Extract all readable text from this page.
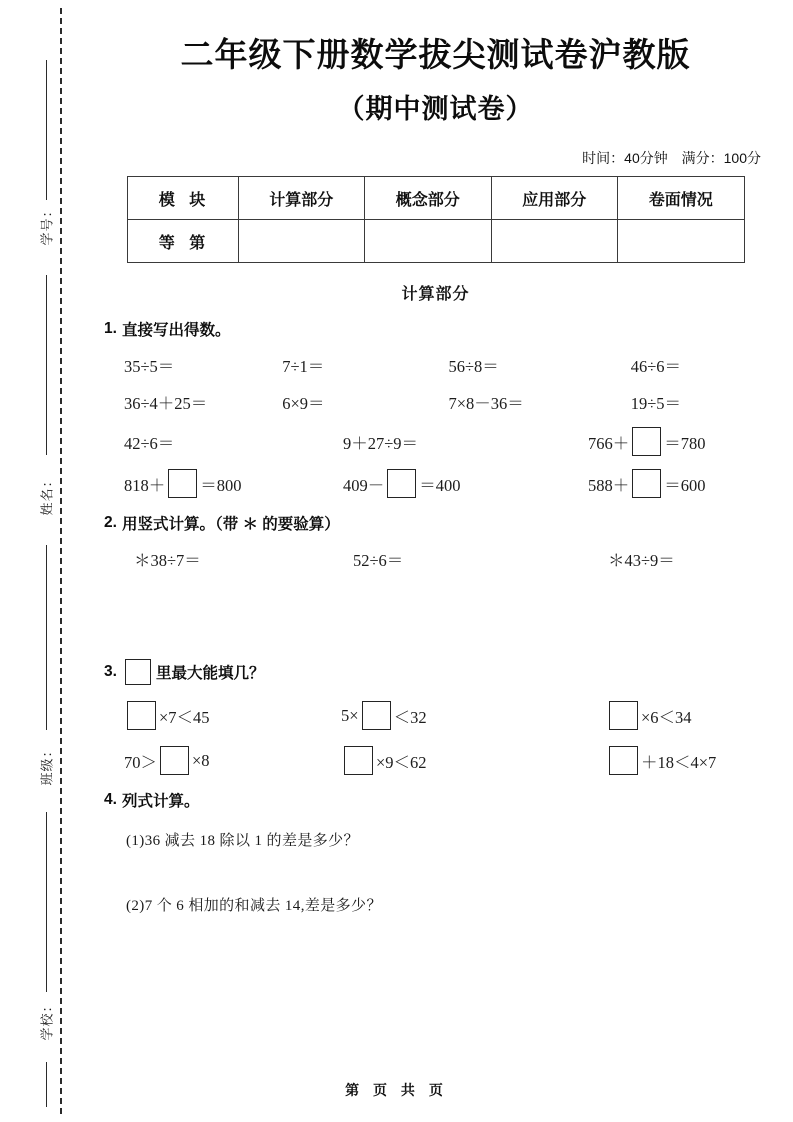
学号：
姓名：
班级：
学校：
二年级下册数学拔尖测试卷沪教版
（期中测试卷）
时间：40分钟 满分：100分
模 块	计算部分	概念部分	应用部分	卷面情况
等 第				
计算部分
1. 直接写出得数。
35÷5＝	7÷1＝	56÷8＝	46÷6＝
36÷4＋25＝	6×9＝	7×8－36＝	19÷5＝
42÷6＝	9＋27÷9＝	766＋ ＝780
818＋ ＝800	409－ ＝400	588＋ ＝600
2. 用竖式计算。（带 ＊ 的要验算）
＊38÷7＝	52÷6＝	＊43÷9＝
3.	里最大能填几？
×7＜45	5× ＜32	×6＜34
70＞ ×8	×9＜62	＋18＜4×7
4. 列式计算。
(1)36 减去 18 除以 1 的差是多少？
(2)7 个 6 相加的和减去 14,差是多少？
第 页 共 页
